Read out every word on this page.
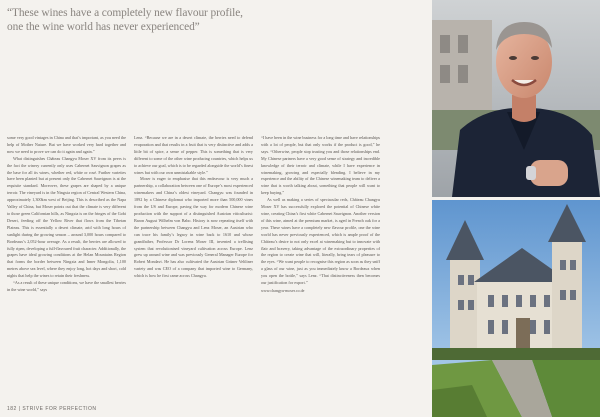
“These wines have a completely new flavour profile, one the wine world has never experienced”

some very good vintages in China and that’s important, as you need the help of Mother Nature. But we have worked very hard together and now we need to prove we can do it again and again.”

What distinguishes Château Changyu Moser XV from its peers is the fact the winery currently only uses Cabernet Sauvignon grapes as the base for all its wines, whether red, white or rosé. Further varieties have been planted but at present only the Cabernet Sauvignon is at the requisite standard. Moreover, these grapes are shaped by a unique terroir. The vineyard is in the Ningxia region of Central Western China, approximately 1,300km west of Beijing. This is described as the Napa Valley of China, but Moser points out that the climate is very different to those green Californian hills, as Ningxia is on the fringes of the Gobi Desert, feeding off the Yellow River that flows from the Tibetan Plateau. This is essentially a desert climate, arid with long hours of sunlight during the growing season – around 3,000 hours compared to Bordeaux’s 2,052-hour average. As a result, the berries are allowed to fully ripen, developing a full-flavoured fruit character. Additionally, the grapes have ideal growing conditions at the Helan Mountains Region that forms the border between Ningxia and Inner Mongolia, 1,100 metres above sea level, where they enjoy long, hot days and short, cold nights that help the wines to retain their freshness.

“As a result of these unique conditions, we have the smallest berries in the wine world,” says

Lenz. “Because we are in a desert climate, the berries need to defend evaporation and that results in a fruit that is very distinctive and adds a little bit of spice, a sense of pepper. This is something that is very different to some of the other wine producing countries, which helps us to achieve our goal, which is to be regarded alongside the world’s finest wines but with our own unmistakable style.”

Moser is eager to emphasise that this endeavour is very much a partnership, a collaboration between one of Europe’s most experienced winemakers and China’s oldest vineyard. Changyu was founded in 1892 by a Chinese diplomat who imported more than 500,000 vines from the US and Europe, paving the way for modern Chinese wine production with the support of a distinguished Austrian viticulturist: Baron August Wilhelm von Babo. History is now repeating itself with the partnership between Changyu and Lenz Moser, an Austrian who can trace his family’s legacy in wine back to 1610 and whose grandfather, Professor Dr Lorenz Moser III, invented a trellising system that revolutionised vineyard cultivation across Europe. Lenz grew up around wine and was previously General Manager Europe for Robert Mondavi. He has also cultivated the Austrian Grüner Veltliner variety and was CEO of a company that imported wine to Germany, which is how he first came across Changyu.

“I have been in the wine business for a long time and have relationships with a lot of people, but that only works if the product is good,” he says. “Otherwise, people stop trusting you and those relationships end. My Chinese partners have a very good sense of strategy and incredible knowledge of their terroir and climate, while I have experience in winemaking, growing and especially blending. I believe in my experience and the ability of the Chinese winemaking team to deliver a wine that is worth talking about, something that people will want to keep buying.”

As well as making a series of spectacular reds, Château Changyu Moser XV has successfully explored the potential of Chinese white wine, creating China’s first white Cabernet Sauvignon. Another version of this wine, aimed at the premium market, is aged in French oak for a year. These wines have a completely new flavour profile, one the wine world has never previously experienced, which is ample proof of the Château’s desire to not only excel at winemaking but to innovate with flair and bravery, taking advantage of the extraordinary properties of the region to create wine that will, literally, bring tears of pleasure to the eyes. “We want people to recognise this region as soon as they sniff a glass of our wine, just as you immediately know a Bordeaux when you open the bottle,” says Lenz. “That distinctiveness then becomes our justification for export.”

www.changyu-moser.co.de
182 | STRIVE FOR PERFECTION
